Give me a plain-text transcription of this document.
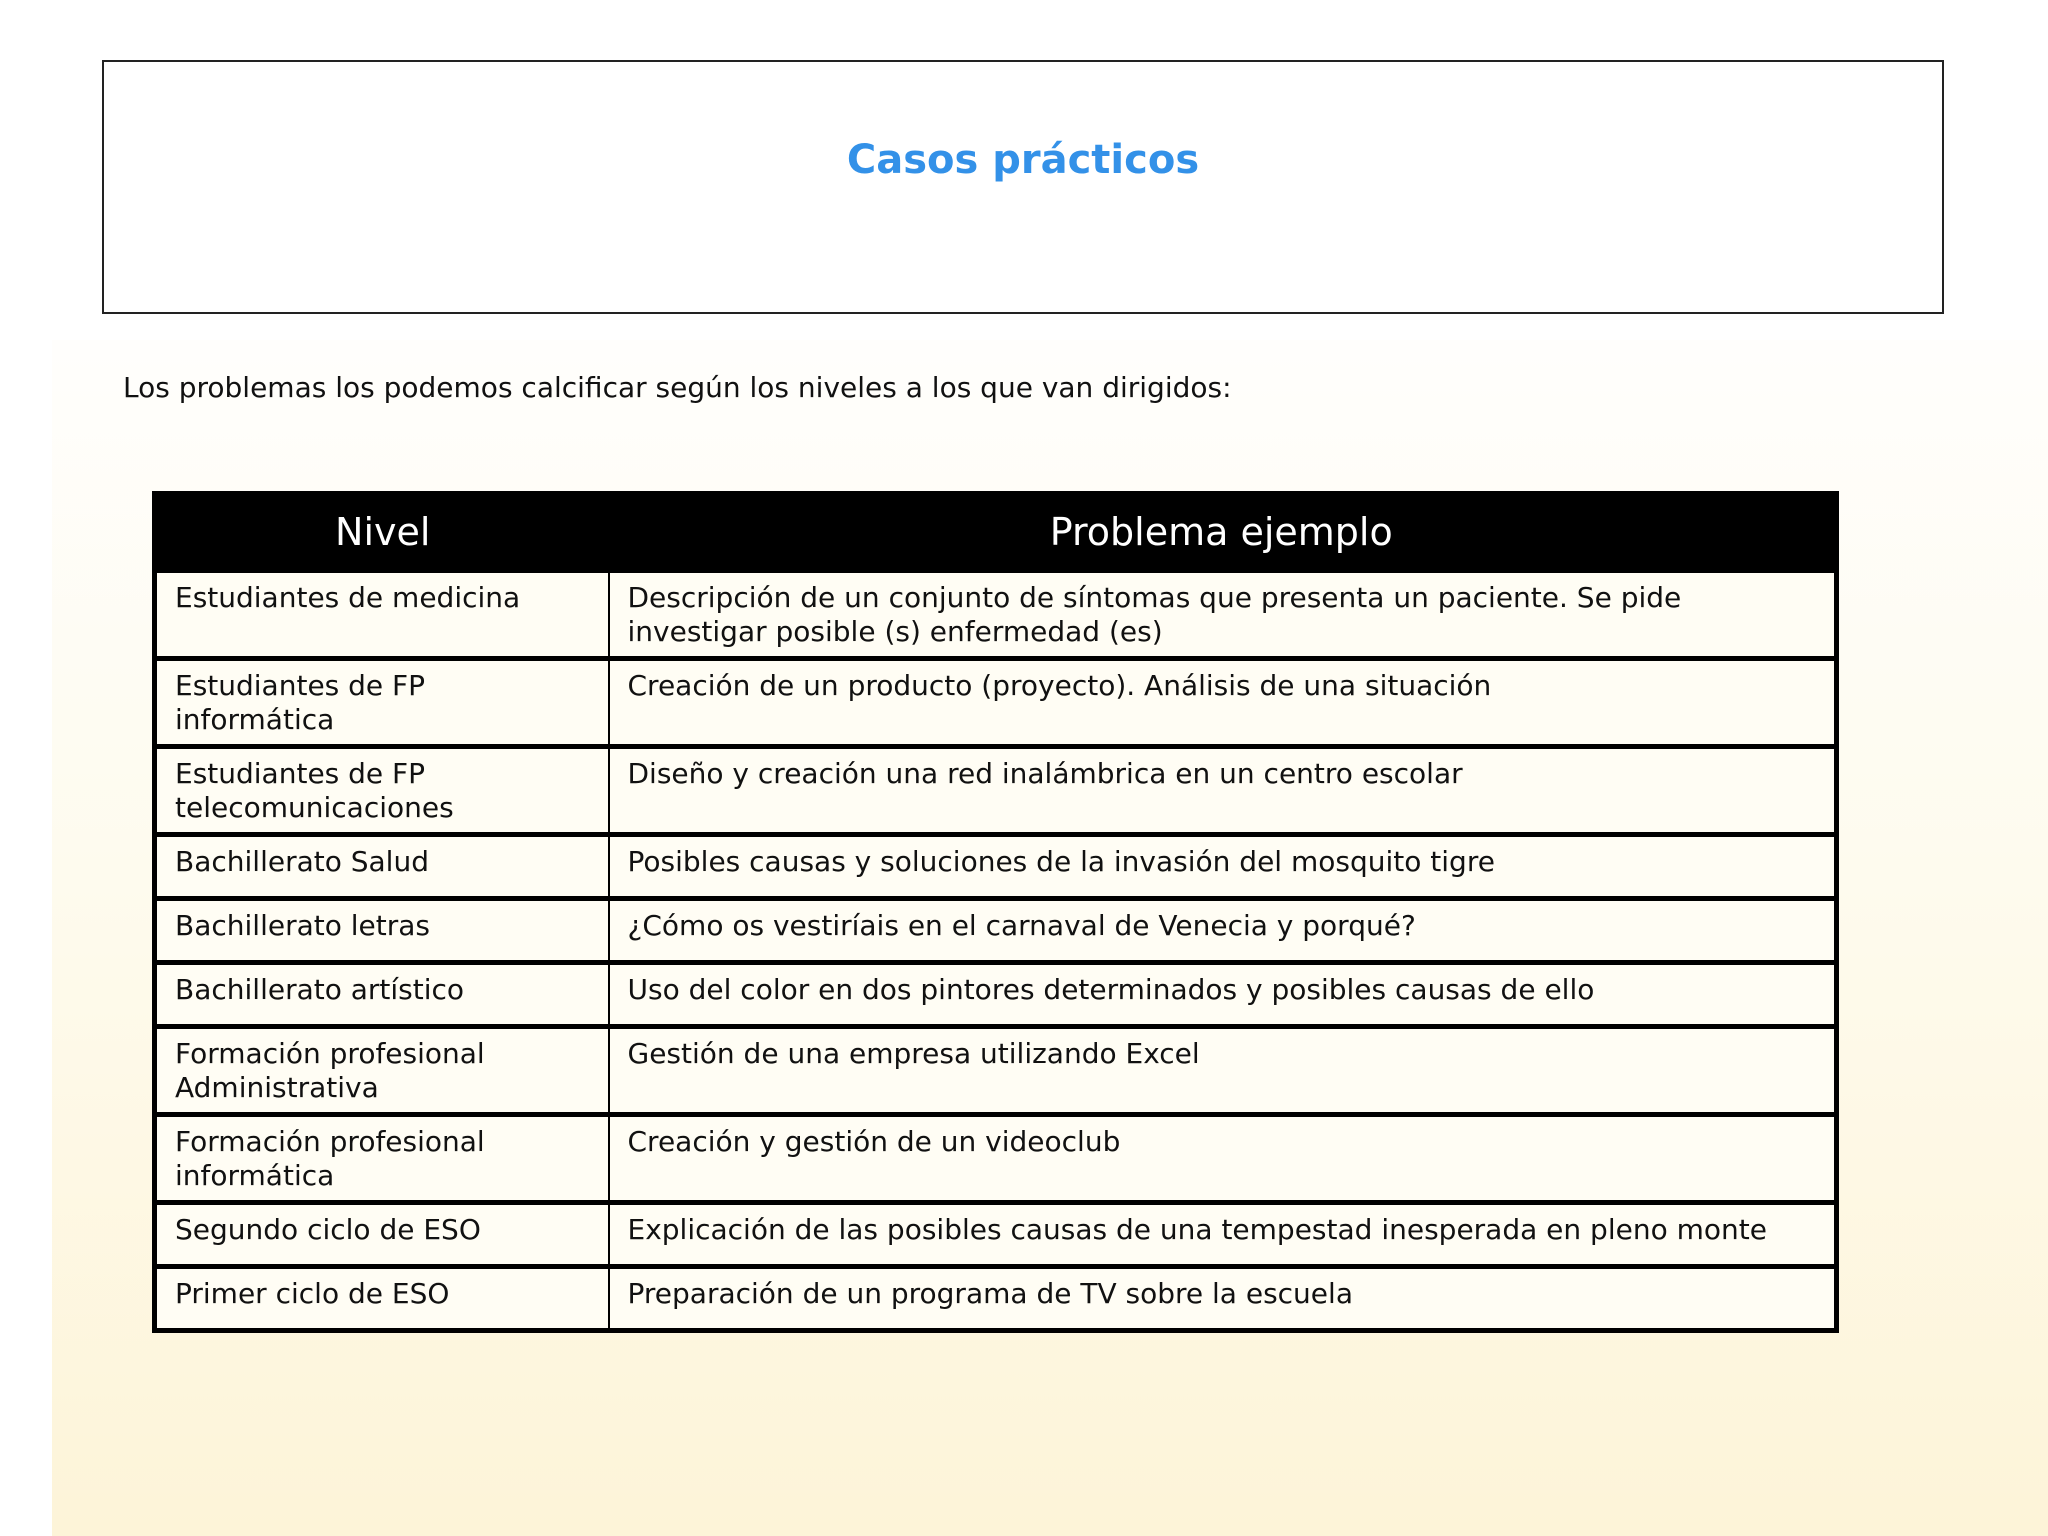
Casos prácticos
Los problemas los podemos calcificar según los niveles a los que van dirigidos:
Nivel	Problema ejemplo
Estudiantes de medicina	Descripción de un conjunto de síntomas que presenta un paciente. Se pide investigar posible (s) enfermedad (es)
Estudiantes de FP informática	Creación de un producto (proyecto). Análisis de una situación
Estudiantes de FP telecomunicaciones	Diseño y creación una red inalámbrica en un centro escolar
Bachillerato Salud	Posibles causas y soluciones de la invasión del mosquito tigre
Bachillerato letras	¿Cómo os vestiríais en el carnaval de Venecia y porqué?
Bachillerato artístico	Uso del color en dos pintores determinados y posibles causas de ello
Formación profesional Administrativa	Gestión de una empresa utilizando Excel
Formación profesional informática	Creación y gestión de un videoclub
Segundo ciclo de ESO	Explicación de las posibles causas de una tempestad inesperada en pleno monte
Primer ciclo de ESO	Preparación de un programa de TV sobre la escuela
